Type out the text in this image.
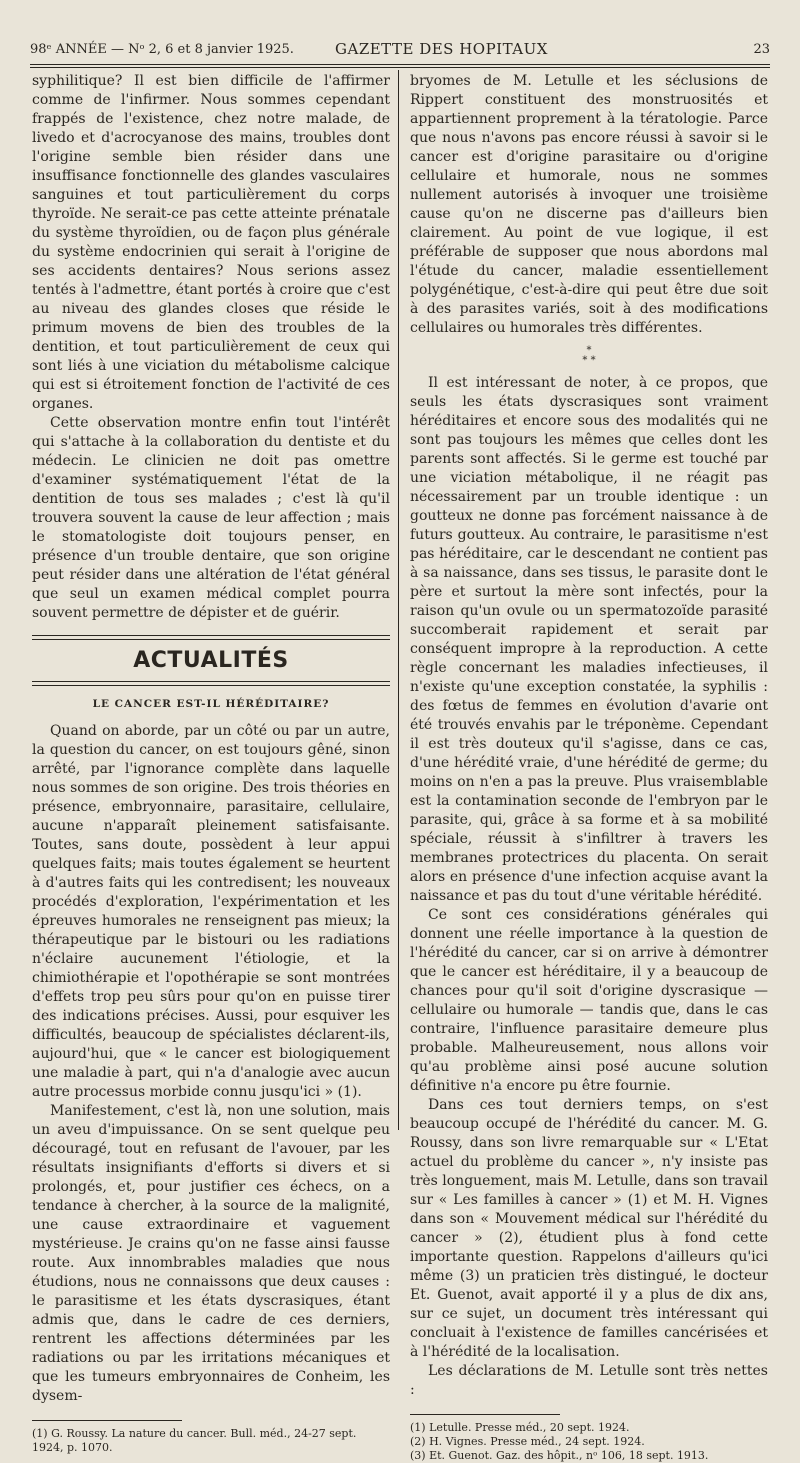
98ᵉ ANNÉE — Nᵒ 2, 6 et 8 janvier 1925.	GAZETTE DES HOPITAUX	23

syphilitique? Il est bien difficile de l'affirmer comme de l'infirmer. Nous sommes cependant frappés de l'existence, chez notre malade, de livedo et d'acrocyanose des mains, troubles dont l'origine semble bien résider dans une insuffisance fonctionnelle des glandes vasculaires sanguines et tout particulièrement du corps thyroïde. Ne serait-ce pas cette atteinte prénatale du système thyroïdien, ou de façon plus générale du système endocrinien qui serait à l'origine de ses accidents dentaires? Nous serions assez tentés à l'admettre, étant portés à croire que c'est au niveau des glandes closes que réside le primum movens de bien des troubles de la dentition, et tout particulièrement de ceux qui sont liés à une viciation du métabolisme calcique qui est si étroitement fonction de l'activité de ces organes.

Cette observation montre enfin tout l'intérêt qui s'attache à la collaboration du dentiste et du médecin. Le clinicien ne doit pas omettre d'examiner systématiquement l'état de la dentition de tous ses malades ; c'est là qu'il trouvera souvent la cause de leur affection ; mais le stomatologiste doit toujours penser, en présence d'un trouble dentaire, que son origine peut résider dans une altération de l'état général que seul un examen médical complet pourra souvent permettre de dépister et de guérir.

ACTUALITÉS
LE CANCER EST-IL HÉRÉDITAIRE?

Quand on aborde, par un côté ou par un autre, la question du cancer, on est toujours gêné, sinon arrêté, par l'ignorance complète dans laquelle nous sommes de son origine. Des trois théories en présence, embryonnaire, parasitaire, cellulaire, aucune n'apparaît pleinement satisfaisante. Toutes, sans doute, possèdent à leur appui quelques faits; mais toutes également se heurtent à d'autres faits qui les contredisent; les nouveaux procédés d'exploration, l'expérimentation et les épreuves humorales ne renseignent pas mieux; la thérapeutique par le bistouri ou les radiations n'éclaire aucunement l'étiologie, et la chimiothérapie et l'opothérapie se sont montrées d'effets trop peu sûrs pour qu'on en puisse tirer des indications précises. Aussi, pour esquiver les difficultés, beaucoup de spécialistes déclarent-ils, aujourd'hui, que « le cancer est biologiquement une maladie à part, qui n'a d'analogie avec aucun autre processus morbide connu jusqu'ici » (1).

Manifestement, c'est là, non une solution, mais un aveu d'impuissance. On se sent quelque peu découragé, tout en refusant de l'avouer, par les résultats insignifiants d'efforts si divers et si prolongés, et, pour justifier ces échecs, on a tendance à chercher, à la source de la malignité, une cause extraordinaire et vaguement mystérieuse. Je crains qu'on ne fasse ainsi fausse route. Aux innombrables maladies que nous étudions, nous ne connaissons que deux causes : le parasitisme et les états dyscrasiques, étant admis que, dans le cadre de ces derniers, rentrent les affections déterminées par les radiations ou par les irritations mécaniques et que les tumeurs embryonnaires de Conheim, les dysem-

(1) G. Roussy. La nature du cancer. Bull. méd., 24-27 sept. 1924, p. 1070.

bryomes de M. Letulle et les séclusions de Rippert constituent des monstruosités et appartiennent proprement à la tératologie. Parce que nous n'avons pas encore réussi à savoir si le cancer est d'origine parasitaire ou d'origine cellulaire et humorale, nous ne sommes nullement autorisés à invoquer une troisième cause qu'on ne discerne pas d'ailleurs bien clairement. Au point de vue logique, il est préférable de supposer que nous abordons mal l'étude du cancer, maladie essentiellement polygénétique, c'est-à-dire qui peut être due soit à des parasites variés, soit à des modifications cellulaires ou humorales très différentes.

*

* *

Il est intéressant de noter, à ce propos, que seuls les états dyscrasiques sont vraiment héréditaires et encore sous des modalités qui ne sont pas toujours les mêmes que celles dont les parents sont affectés. Si le germe est touché par une viciation métabolique, il ne réagit pas nécessairement par un trouble identique : un goutteux ne donne pas forcément naissance à de futurs goutteux. Au contraire, le parasitisme n'est pas héréditaire, car le descendant ne contient pas à sa naissance, dans ses tissus, le parasite dont le père et surtout la mère sont infectés, pour la raison qu'un ovule ou un spermatozoïde parasité succomberait rapidement et serait par conséquent impropre à la reproduction. A cette règle concernant les maladies infectieuses, il n'existe qu'une exception constatée, la syphilis : des fœtus de femmes en évolution d'avarie ont été trouvés envahis par le tréponème. Cependant il est très douteux qu'il s'agisse, dans ce cas, d'une hérédité vraie, d'une hérédité de germe; du moins on n'en a pas la preuve. Plus vraisemblable est la contamination seconde de l'embryon par le parasite, qui, grâce à sa forme et à sa mobilité spéciale, réussit à s'infiltrer à travers les membranes protectrices du placenta. On serait alors en présence d'une infection acquise avant la naissance et pas du tout d'une véritable hérédité.

Ce sont ces considérations générales qui donnent une réelle importance à la question de l'hérédité du cancer, car si on arrive à démontrer que le cancer est héréditaire, il y a beaucoup de chances pour qu'il soit d'origine dyscrasique — cellulaire ou humorale — tandis que, dans le cas contraire, l'influence parasitaire demeure plus probable. Malheureusement, nous allons voir qu'au problème ainsi posé aucune solution définitive n'a encore pu être fournie.

Dans ces tout derniers temps, on s'est beaucoup occupé de l'hérédité du cancer. M. G. Roussy, dans son livre remarquable sur « L'Etat actuel du problème du cancer », n'y insiste pas très longuement, mais M. Letulle, dans son travail sur « Les familles à cancer » (1) et M. H. Vignes dans son « Mouvement médical sur l'hérédité du cancer » (2), étudient plus à fond cette importante question. Rappelons d'ailleurs qu'ici même (3) un praticien très distingué, le docteur Et. Guenot, avait apporté il y a plus de dix ans, sur ce sujet, un document très intéressant qui concluait à l'existence de familles cancérisées et à l'hérédité de la localisation.

Les déclarations de M. Letulle sont très nettes :

(1) Letulle. Presse méd., 20 sept. 1924.

(2) H. Vignes. Presse méd., 24 sept. 1924.

(3) Et. Guenot. Gaz. des hôpit., nᵒ 106, 18 sept. 1913.
